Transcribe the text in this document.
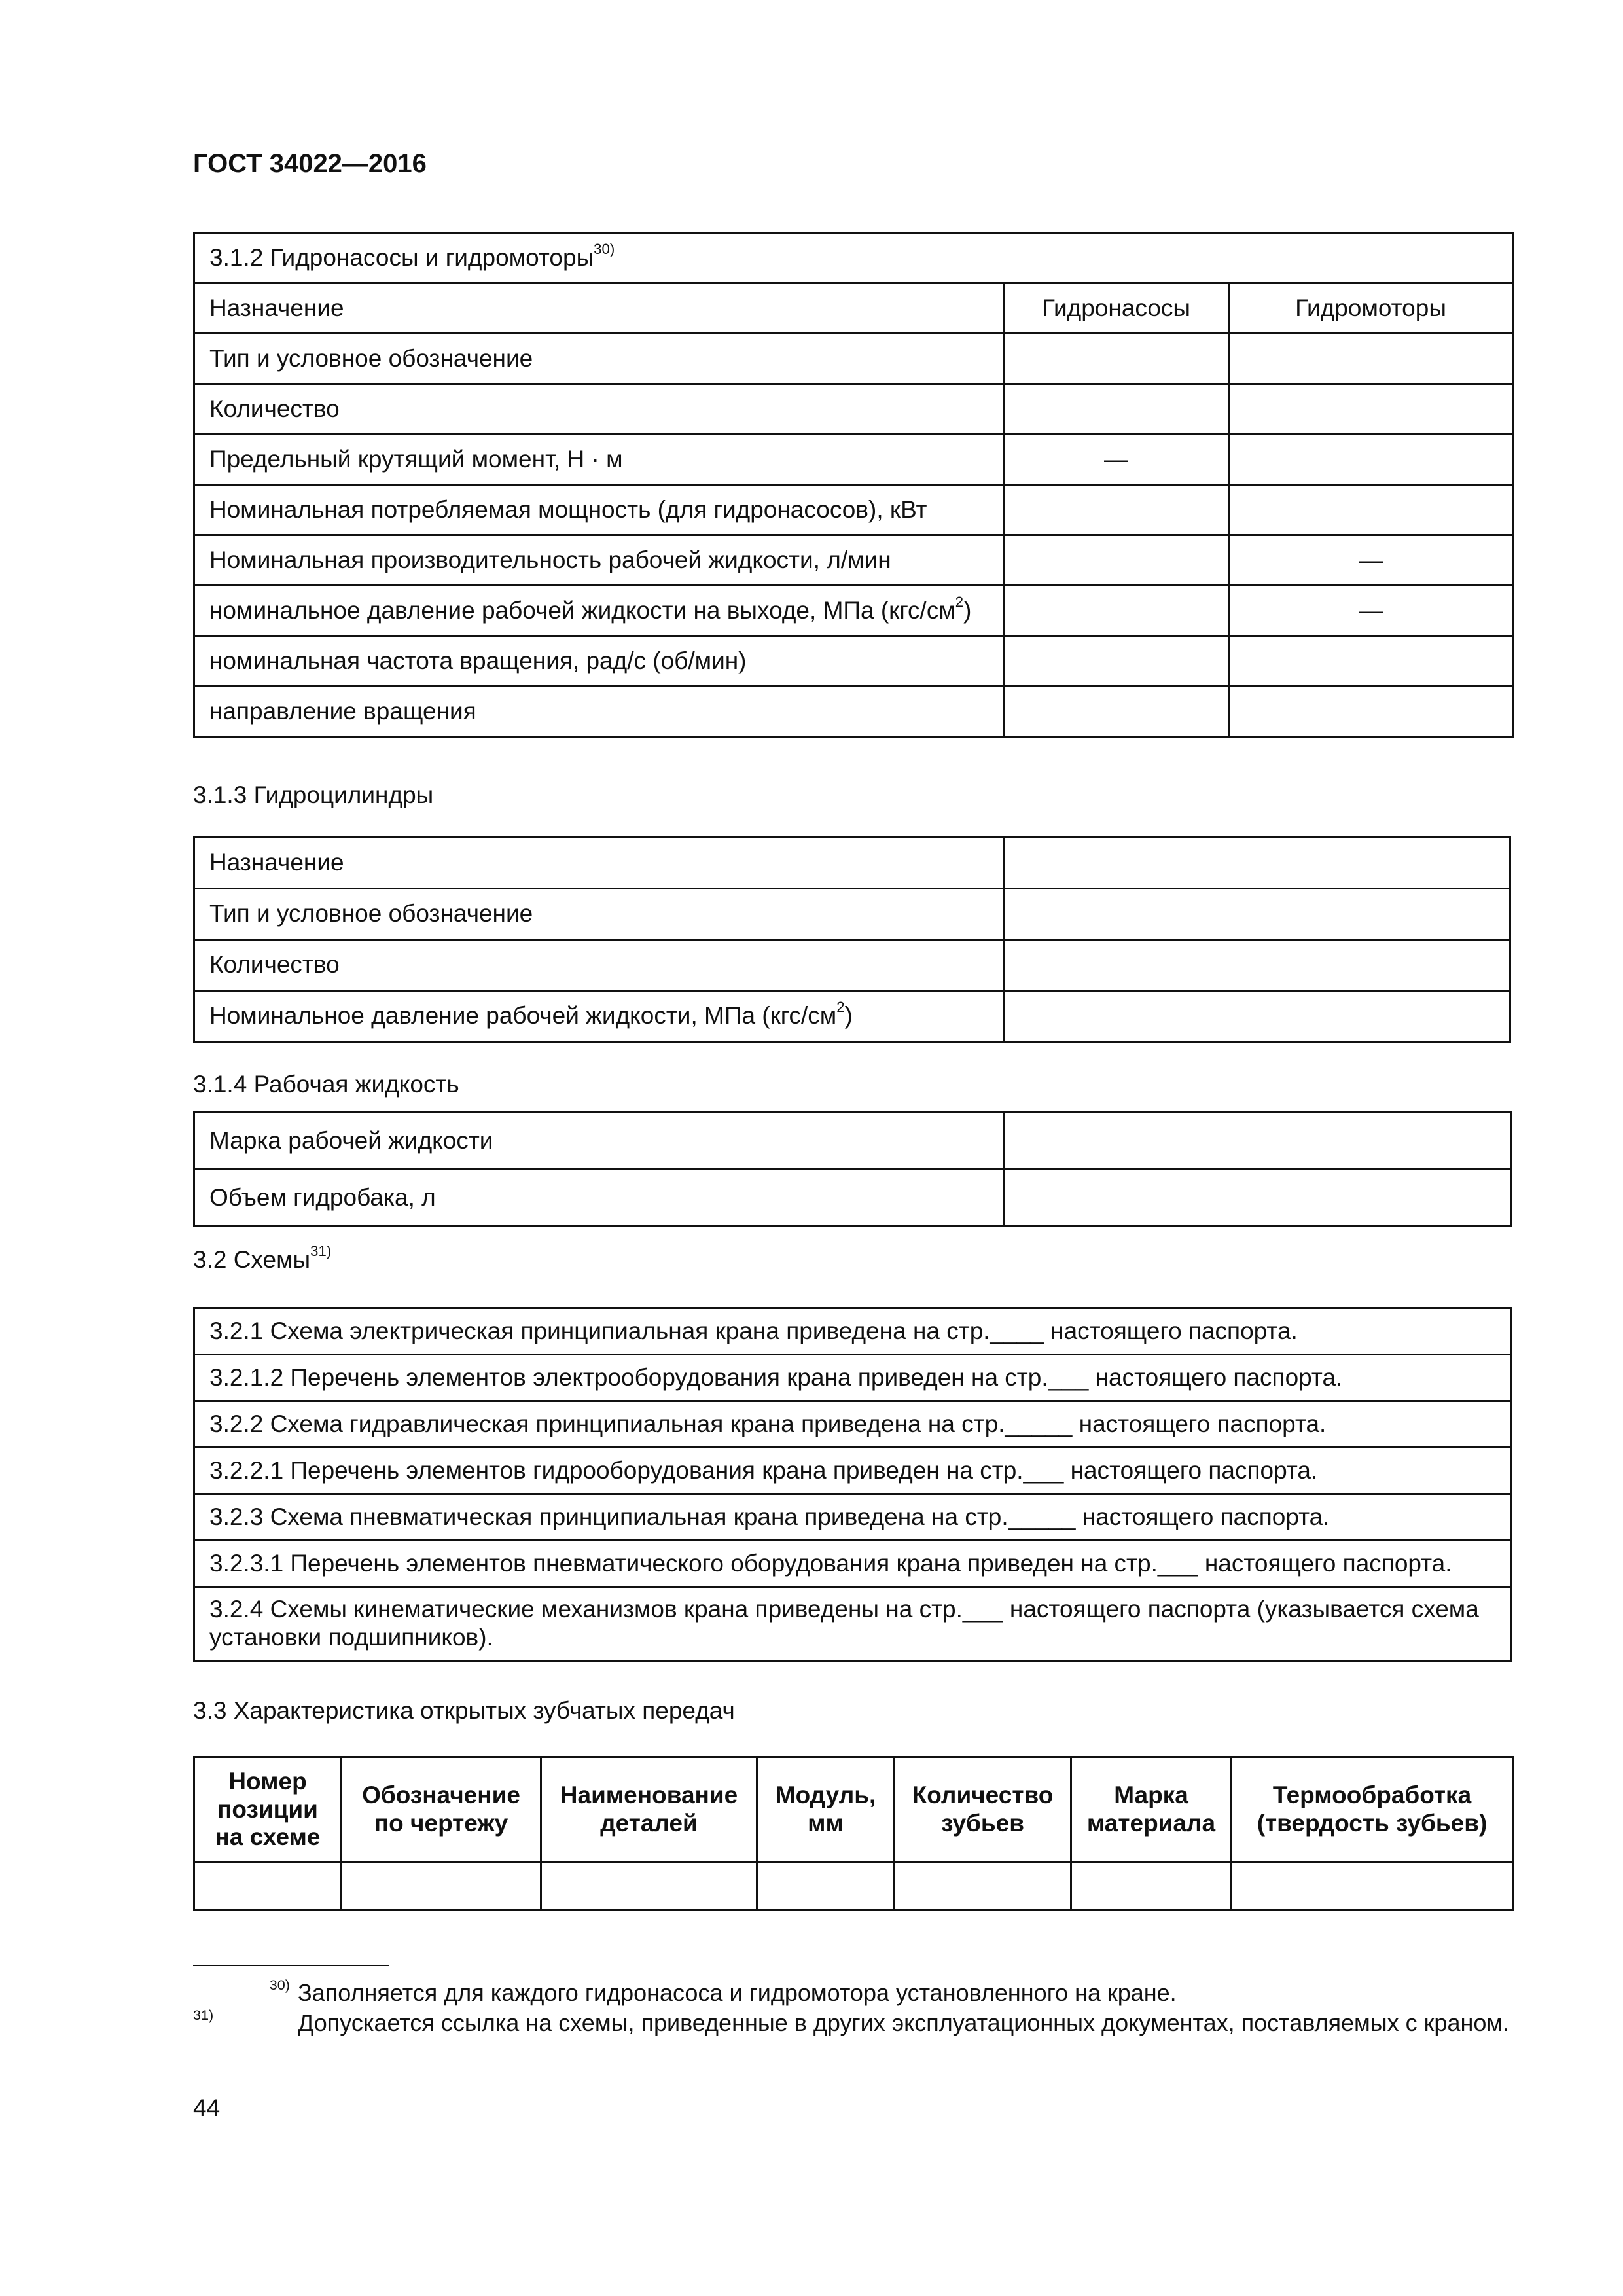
ГОСТ 34022—2016
3.1.2 Гидронасосы и гидромоторы$^{30)}$
Назначение	Гидронасосы	Гидромоторы
Тип и условное обозначение		
Количество		
Предельный крутящий момент, Н · м	—	
Номинальная потребляемая мощность (для гидронасосов), кВт		
Номинальная производительность рабочей жидкости, л/мин		—
номинальное давление рабочей жидкости на выходе, МПа $(кгс/см^2)$		—
номинальная частота вращения, рад/с (об/мин)		
направление вращения		
3.1.3 Гидроцилиндры
Назначение	
Тип и условное обозначение	
Количество	
Номинальное давление рабочей жидкости, МПа $(кгс/см^2)$	
3.1.4 Рабочая жидкость
Марка рабочей жидкости	
Объем гидробака, л	
3.2 Схемы$^{31)}$
3.2.1 Схема электрическая принципиальная крана приведена на стр.____ настоящего паспорта.
3.2.1.2 Перечень элементов электрооборудования крана приведен на стр.___ настоящего паспорта.
3.2.2 Схема гидравлическая принципиальная крана приведена на стр._____ настоящего паспорта.
3.2.2.1 Перечень элементов гидрооборудования крана приведен на стр.___ настоящего паспорта.
3.2.3 Схема пневматическая принципиальная крана приведена на стр._____ настоящего паспорта.
3.2.3.1 Перечень элементов пневматического оборудования крана приведен на стр.___ настоящего паспорта.
3.2.4 Схемы кинематические механизмов крана приведены на стр.___ настоящего паспорта (указывается схема установки подшипников).
3.3 Характеристика открытых зубчатых передач
Номер позиции на схеме	Обозначение по чертежу	Наименование деталей	Модуль, мм	Количество зубьев	Марка материала	Термообработка (твердость зубьев)

$^{30)}$ Заполняется для каждого гидронасоса и гидромотора установленного на кране.
$^{31)}$	Допускается ссылка на схемы, приведенные в других эксплуатационных документах, поставляемых с краном.
44
